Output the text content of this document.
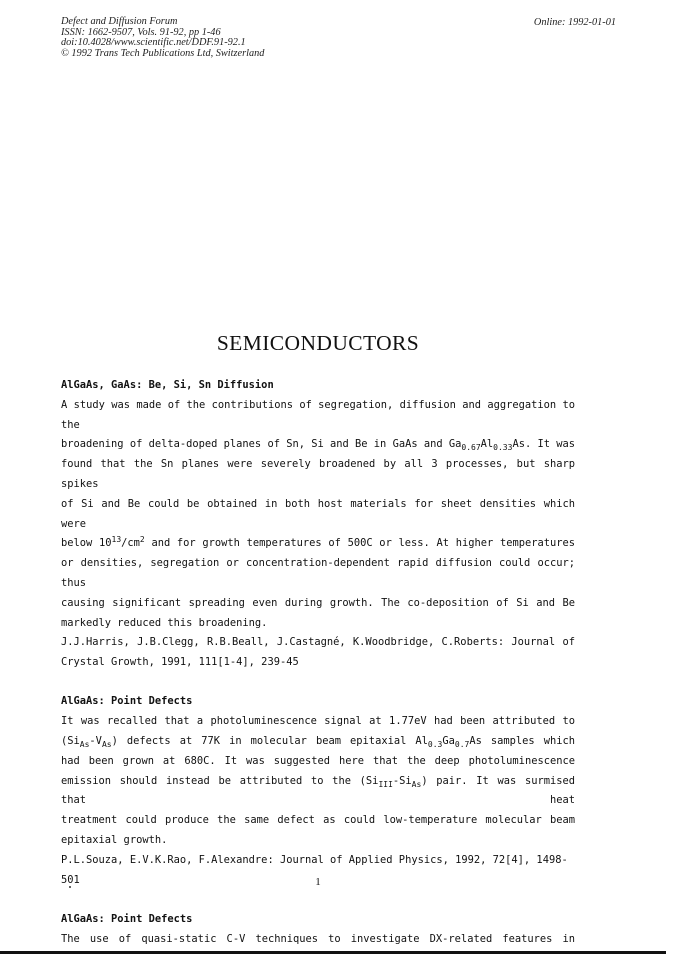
Defect and Diffusion Forum
ISSN: 1662-9507, Vols. 91-92, pp 1-46
doi:10.4028/www.scientific.net/DDF.91-92.1
© 1992 Trans Tech Publications Ltd, Switzerland
Online: 1992-01-01
SEMICONDUCTORS

AlGaAs, GaAs: Be, Si, Sn Diffusion

A study was made of the contributions of segregation, diffusion and aggregation to the

broadening of delta-doped planes of Sn, Si and Be in GaAs and $Ga_{0.67}Al_{0.33}As$. It was

found that the Sn planes were severely broadened by all 3 processes, but sharp spikes

of Si and Be could be obtained in both host materials for sheet densities which were

below $10^{13}/cm^2$ and for growth temperatures of 500C or less. At higher temperatures

or densities, segregation or concentration-dependent rapid diffusion could occur; thus

causing significant spreading even during growth. The co-deposition of Si and Be

markedly reduced this broadening.

J.J.Harris, J.B.Clegg, R.B.Beall, J.Castagné, K.Woodbridge, C.Roberts: Journal of

Crystal Growth, 1991, 111[1-4], 239-45

AlGaAs: Point Defects

It was recalled that a photoluminescence signal at 1.77eV had been attributed to

$(Si_{As}-V_{As})$ defects at 77K in molecular beam epitaxial $Al_{0.3}Ga_{0.7}As$ samples which

had been grown at 680C. It was suggested here that the deep photoluminescence

emission should instead be attributed to the $(Si_{III}-Si_{As})$ pair. It was surmised that heat

treatment could produce the same defect as could low-temperature molecular beam

epitaxial growth.

P.L.Souza, E.V.K.Rao, F.Alexandre: Journal of Applied Physics, 1992, 72[4], 1498-501

AlGaAs: Point Defects

The use of quasi-static C-V techniques to investigate DX-related features in

1
